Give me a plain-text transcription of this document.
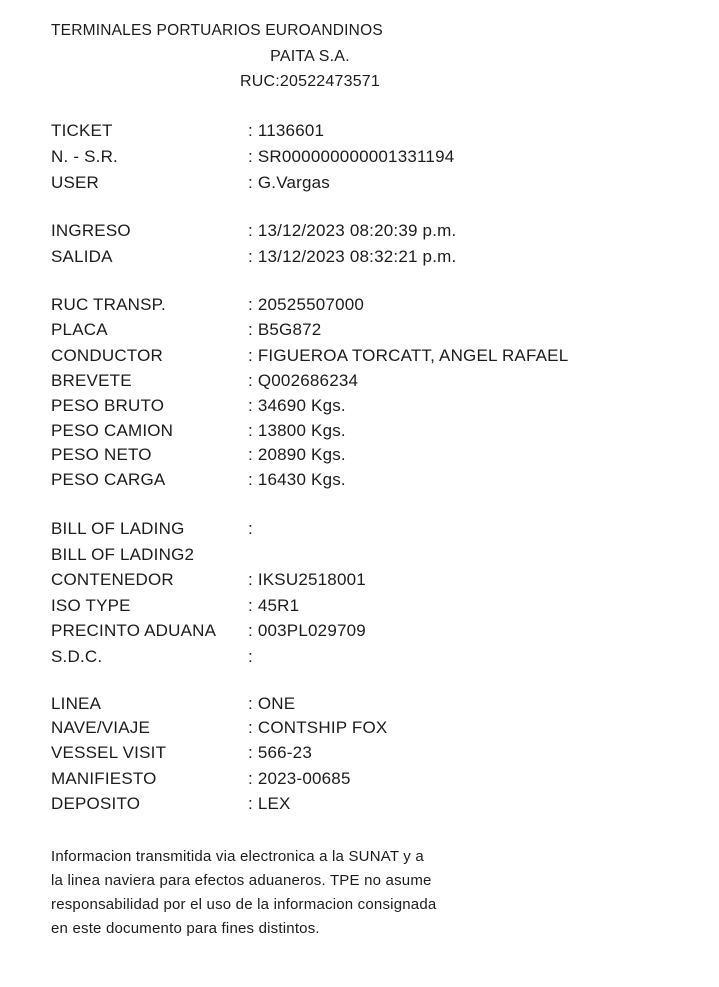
TERMINALES PORTUARIOS EUROANDINOS
PAITA S.A.
RUC:20522473571
TICKET	: 1136601
N. - S.R.	: SR000000000001331194
USER	: G.Vargas
INGRESO	: 13/12/2023 08:20:39 p.m.
SALIDA	: 13/12/2023 08:32:21 p.m.
RUC TRANSP.	: 20525507000
PLACA	: B5G872
CONDUCTOR	: FIGUEROA TORCATT, ANGEL RAFAEL
BREVETE	: Q002686234
PESO BRUTO	: 34690 Kgs.
PESO CAMION	: 13800 Kgs.
PESO NETO	: 20890 Kgs.
PESO CARGA	: 16430 Kgs.
BILL OF LADING	:
BILL OF LADING2
CONTENEDOR	: IKSU2518001
ISO TYPE	: 45R1
PRECINTO ADUANA : 003PL029709
S.D.C.	:
LINEA	: ONE
NAVE/VIAJE	: CONTSHIP FOX
VESSEL VISIT	: 566-23
MANIFIESTO	: 2023-00685
DEPOSITO	: LEX
Informacion transmitida via electronica a la SUNAT y a
la linea naviera para efectos aduaneros. TPE no asume
responsabilidad por el uso de la informacion consignada
en este documento para fines distintos.
